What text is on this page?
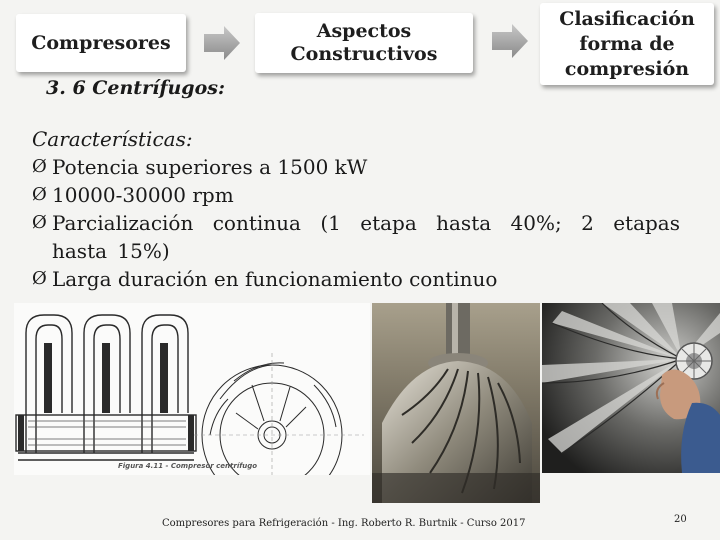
Compresores
Aspectos
Constructivos
Clasificación
forma de
compresión
3. 6 Centrífugos:
Características:
Ø Potencia superiores a 1500 kW
Ø 10000-30000 rpm
Ø Parcialización continua (1 etapa hasta 40%; 2 etapas hasta 15%)
Ø Larga duración en funcionamiento continuo
Figura 4.11 - Compresor centrífugo
Compresores para Refrigeración - Ing. Roberto R. Burtnik - Curso 2017	20
